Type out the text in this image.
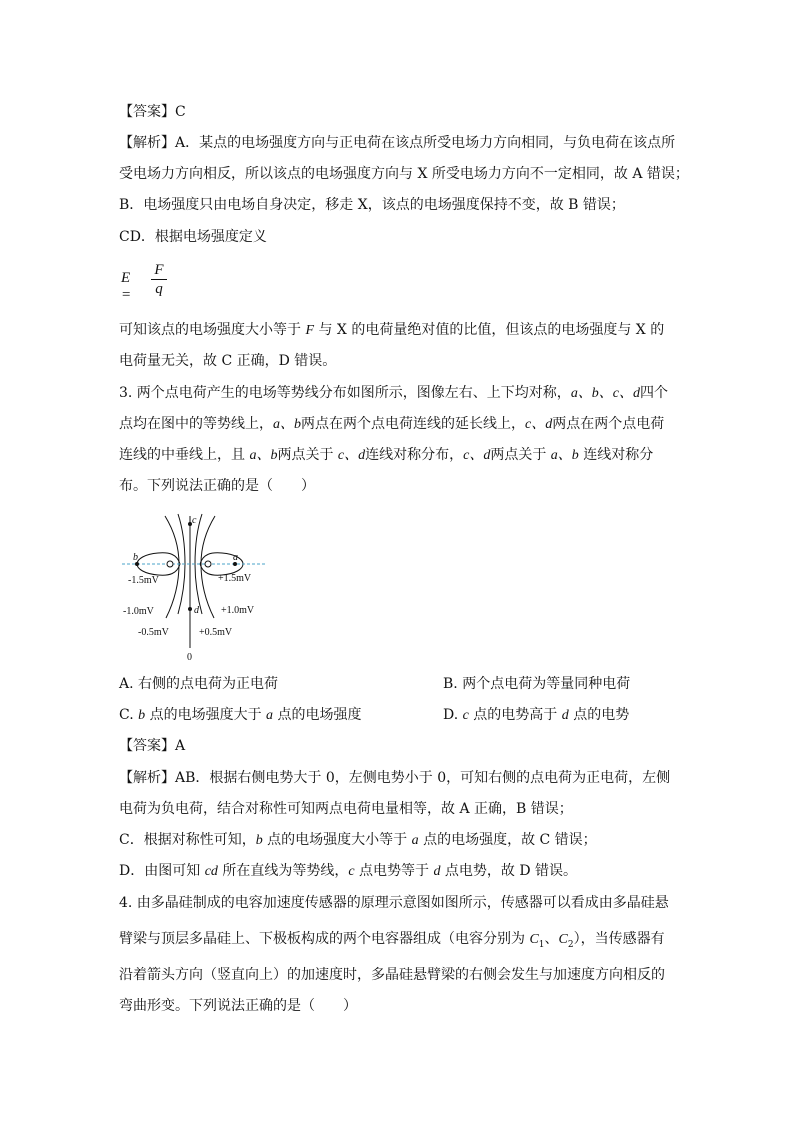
【答案】C
【解析】A．某点的电场强度方向与正电荷在该点所受电场力方向相同，与负电荷在该点所
受电场力方向相反，所以该点的电场强度方向与 X 所受电场力方向不一定相同，故 A 错误；
B．电场强度只由电场自身决定，移走 X，该点的电场强度保持不变，故 B 错误；
CD．根据电场强度定义
E =
F
q
可知该点的电场强度大小等于 F 与 X 的电荷量绝对值的比值，但该点的电场强度与 X 的
电荷量无关，故 C 正确，D 错误。
3. 两个点电荷产生的电场等势线分布如图所示，图像左右、上下均对称，a、b、c、d四个
点均在图中的等势线上，a、b两点在两个点电荷连线的延长线上，c、d两点在两个点电荷
连线的中垂线上，且 a、b两点关于 c、d连线对称分布，c、d两点关于 a、b 连线对称分
布。下列说法正确的是（　　）
c
b	a
d
-1.5mV	+1.5mV
-1.0mV	+1.0mV
-0.5mV	+0.5mV
0
A. 右侧的点电荷为正电荷	B. 两个点电荷为等量同种电荷
C. b 点的电场强度大于 a 点的电场强度	D. c 点的电势高于 d 点的电势
【答案】A
【解析】AB．根据右侧电势大于 0，左侧电势小于 0，可知右侧的点电荷为正电荷，左侧
电荷为负电荷，结合对称性可知两点电荷电量相等，故 A 正确，B 错误；
C．根据对称性可知，b 点的电场强度大小等于 a 点的电场强度，故 C 错误；
D．由图可知 cd 所在直线为等势线，c 点电势等于 d 点电势，故 D 错误。
4. 由多晶硅制成的电容加速度传感器的原理示意图如图所示，传感器可以看成由多晶硅悬
臂梁与顶层多晶硅上、下极板构成的两个电容器组成（电容分别为 $C_1$、$C_2$），当传感器有
沿着箭头方向（竖直向上）的加速度时，多晶硅悬臂梁的右侧会发生与加速度方向相反的
弯曲形变。下列说法正确的是（　　）
